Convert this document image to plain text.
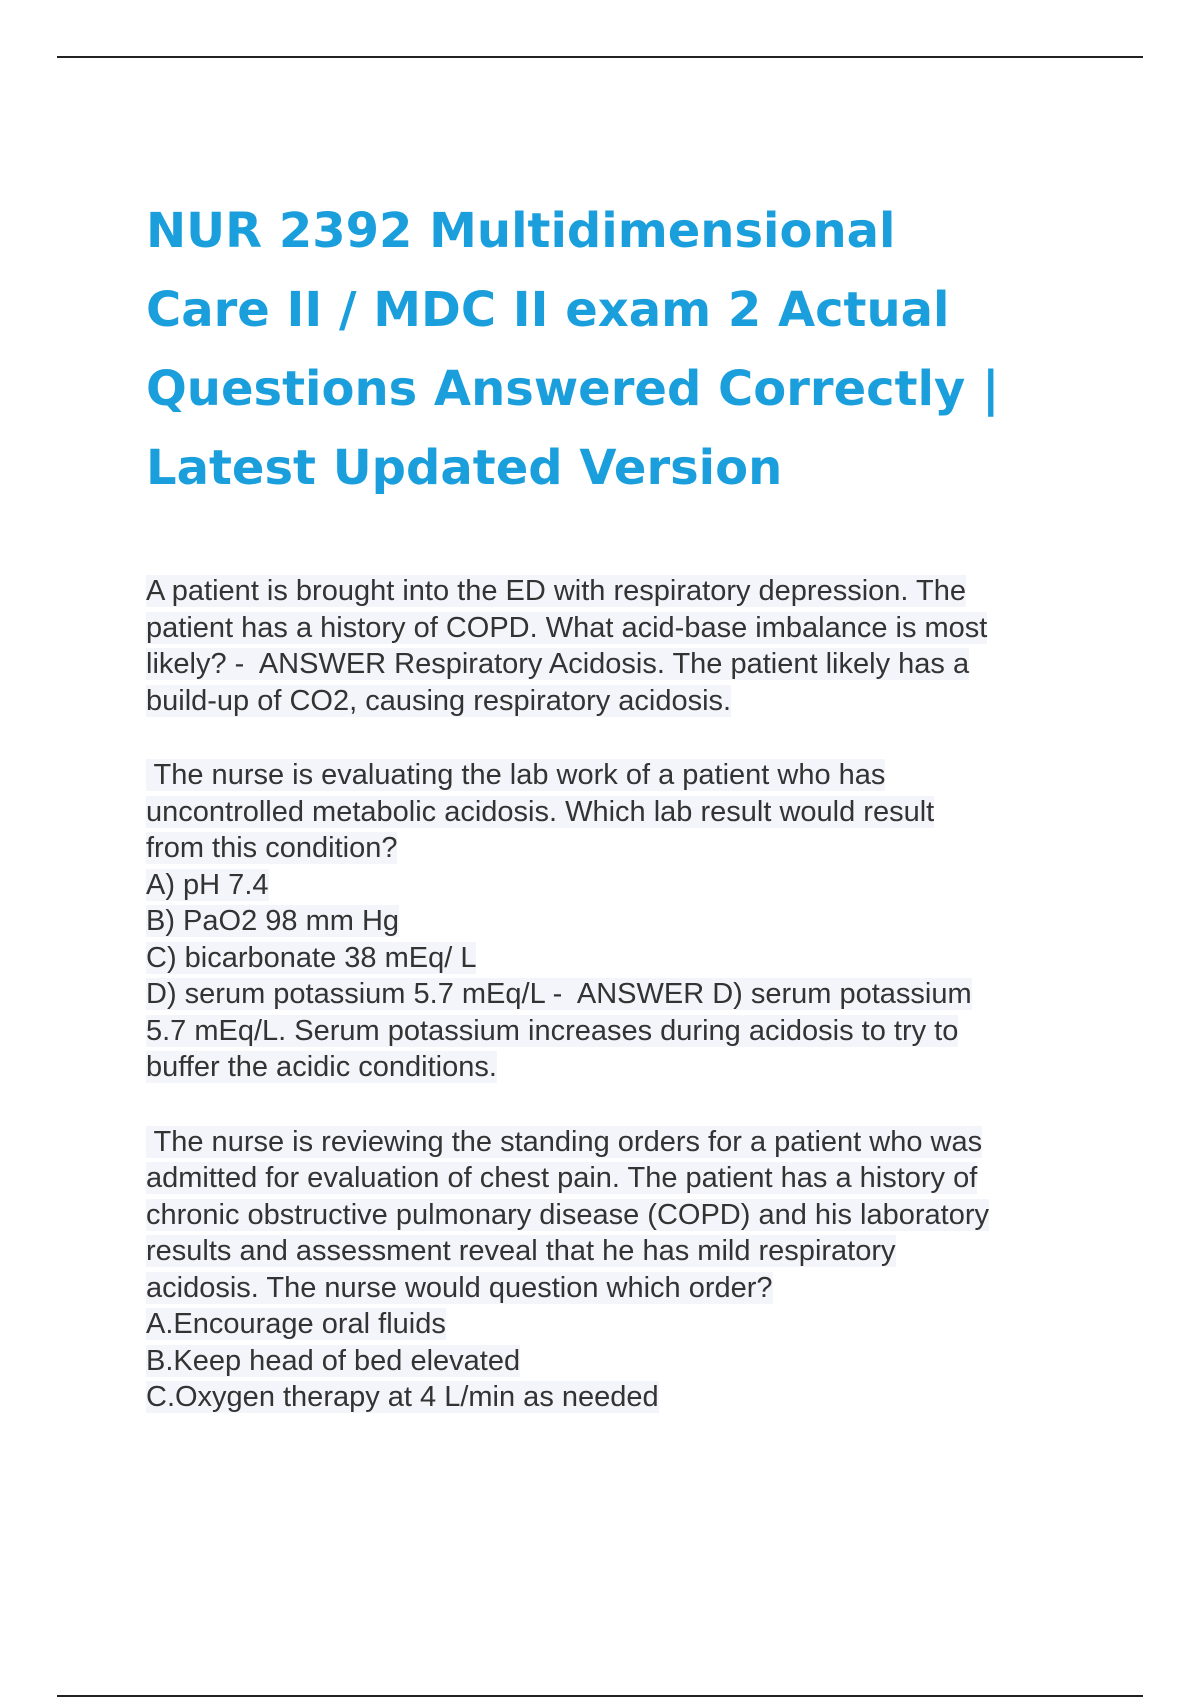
NUR 2392 Multidimensional
Care II / MDC II exam 2 Actual
Questions Answered Correctly |
Latest Updated Version

A patient is brought into the ED with respiratory depression. The
patient has a history of COPD. What acid-base imbalance is most
likely? -  ANSWER Respiratory Acidosis. The patient likely has a
build-up of CO2, causing respiratory acidosis.

The nurse is evaluating the lab work of a patient who has
uncontrolled metabolic acidosis. Which lab result would result
from this condition?
A) pH 7.4
B) PaO2 98 mm Hg
C) bicarbonate 38 mEq/ L
D) serum potassium 5.7 mEq/L -  ANSWER D) serum potassium
5.7 mEq/L. Serum potassium increases during acidosis to try to
buffer the acidic conditions.

The nurse is reviewing the standing orders for a patient who was
admitted for evaluation of chest pain. The patient has a history of
chronic obstructive pulmonary disease (COPD) and his laboratory
results and assessment reveal that he has mild respiratory
acidosis. The nurse would question which order?
A.Encourage oral fluids
B.Keep head of bed elevated
C.Oxygen therapy at 4 L/min as needed
